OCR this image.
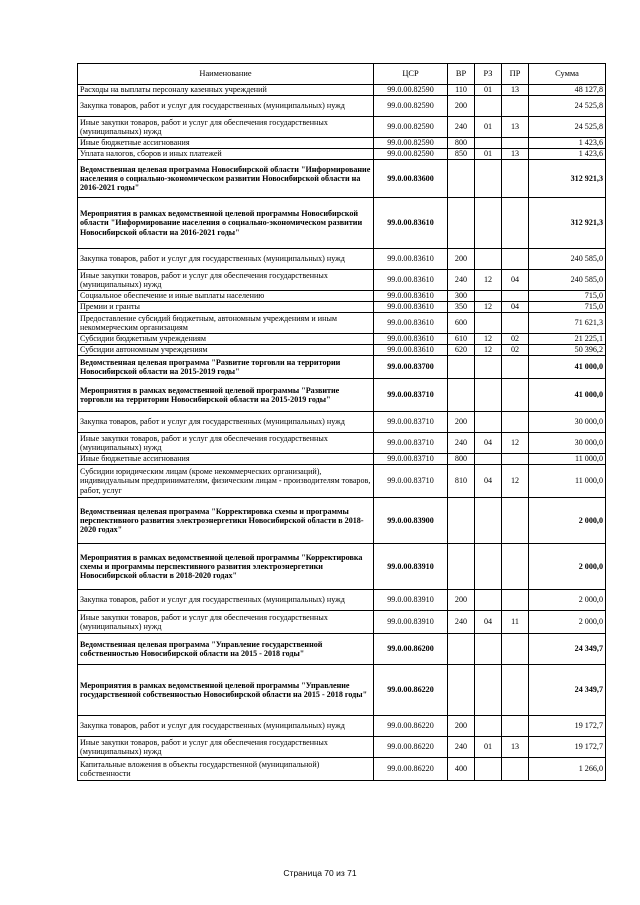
Наименование	ЦСР	ВР	РЗ	ПР	Сумма
Расходы на выплаты персоналу казенных учреждений	99.0.00.82590	110	01	13	48 127,8
Закупка товаров, работ и услуг для государственных (муниципальных) нужд	99.0.00.82590	200			24 525,8
Иные закупки товаров, работ и услуг для обеспечения государственных (муниципальных) нужд	99.0.00.82590	240	01	13	24 525,8
Иные бюджетные ассигнования	99.0.00.82590	800			1 423,6
Уплата налогов, сборов и иных платежей	99.0.00.82590	850	01	13	1 423,6
Ведомственная целевая программа Новосибирской области "Информирование населения о социально-экономическом развитии Новосибирской области на 2016-2021 годы"	99.0.00.83600				312 921,3
Мероприятия в рамках ведомственной целевой программы Новосибирской области "Информирование населения о социально-экономическом развитии Новосибирской области на 2016-2021 годы"	99.0.00.83610				312 921,3
Закупка товаров, работ и услуг для государственных (муниципальных) нужд	99.0.00.83610	200			240 585,0
Иные закупки товаров, работ и услуг для обеспечения государственных (муниципальных) нужд	99.0.00.83610	240	12	04	240 585,0
Социальное обеспечение и иные выплаты населению	99.0.00.83610	300			715,0
Премии и гранты	99.0.00.83610	350	12	04	715,0
Предоставление субсидий бюджетным, автономным учреждениям и иным некоммерческим организациям	99.0.00.83610	600			71 621,3
Субсидии бюджетным учреждениям	99.0.00.83610	610	12	02	21 225,1
Субсидии автономным учреждениям	99.0.00.83610	620	12	02	50 396,2
Ведомственная целевая программа "Развитие торговли на территории Новосибирской области на 2015-2019 годы"	99.0.00.83700				41 000,0
Мероприятия в рамках ведомственной целевой программы "Развитие торговли на территории Новосибирской области на 2015-2019 годы"	99.0.00.83710				41 000,0
Закупка товаров, работ и услуг для государственных (муниципальных) нужд	99.0.00.83710	200			30 000,0
Иные закупки товаров, работ и услуг для обеспечения государственных (муниципальных) нужд	99.0.00.83710	240	04	12	30 000,0
Иные бюджетные ассигнования	99.0.00.83710	800			11 000,0
Субсидии юридическим лицам (кроме некоммерческих организаций), индивидуальным предпринимателям, физическим лицам - производителям товаров, работ, услуг	99.0.00.83710	810	04	12	11 000,0
Ведомственная целевая программа "Корректировка схемы и программы перспективного развития электроэнергетики Новосибирской области в 2018-2020 годах"	99.0.00.83900				2 000,0
Мероприятия в рамках ведомственной целевой программы "Корректировка схемы и программы перспективного развития электроэнергетики Новосибирской области в 2018-2020 годах"	99.0.00.83910				2 000,0
Закупка товаров, работ и услуг для государственных (муниципальных) нужд	99.0.00.83910	200			2 000,0
Иные закупки товаров, работ и услуг для обеспечения государственных (муниципальных) нужд	99.0.00.83910	240	04	11	2 000,0
Ведомственная целевая программа "Управление государственной собственностью Новосибирской области на 2015 - 2018 годы"	99.0.00.86200				24 349,7
Мероприятия в рамках ведомственной целевой программы "Управление государственной собственностью Новосибирской области на 2015 - 2018 годы"	99.0.00.86220				24 349,7
Закупка товаров, работ и услуг для государственных (муниципальных) нужд	99.0.00.86220	200			19 172,7
Иные закупки товаров, работ и услуг для обеспечения государственных (муниципальных) нужд	99.0.00.86220	240	01	13	19 172,7
Капитальные вложения в объекты государственной (муниципальной) собственности	99.0.00.86220	400			1 266,0
Страница 70 из 71
